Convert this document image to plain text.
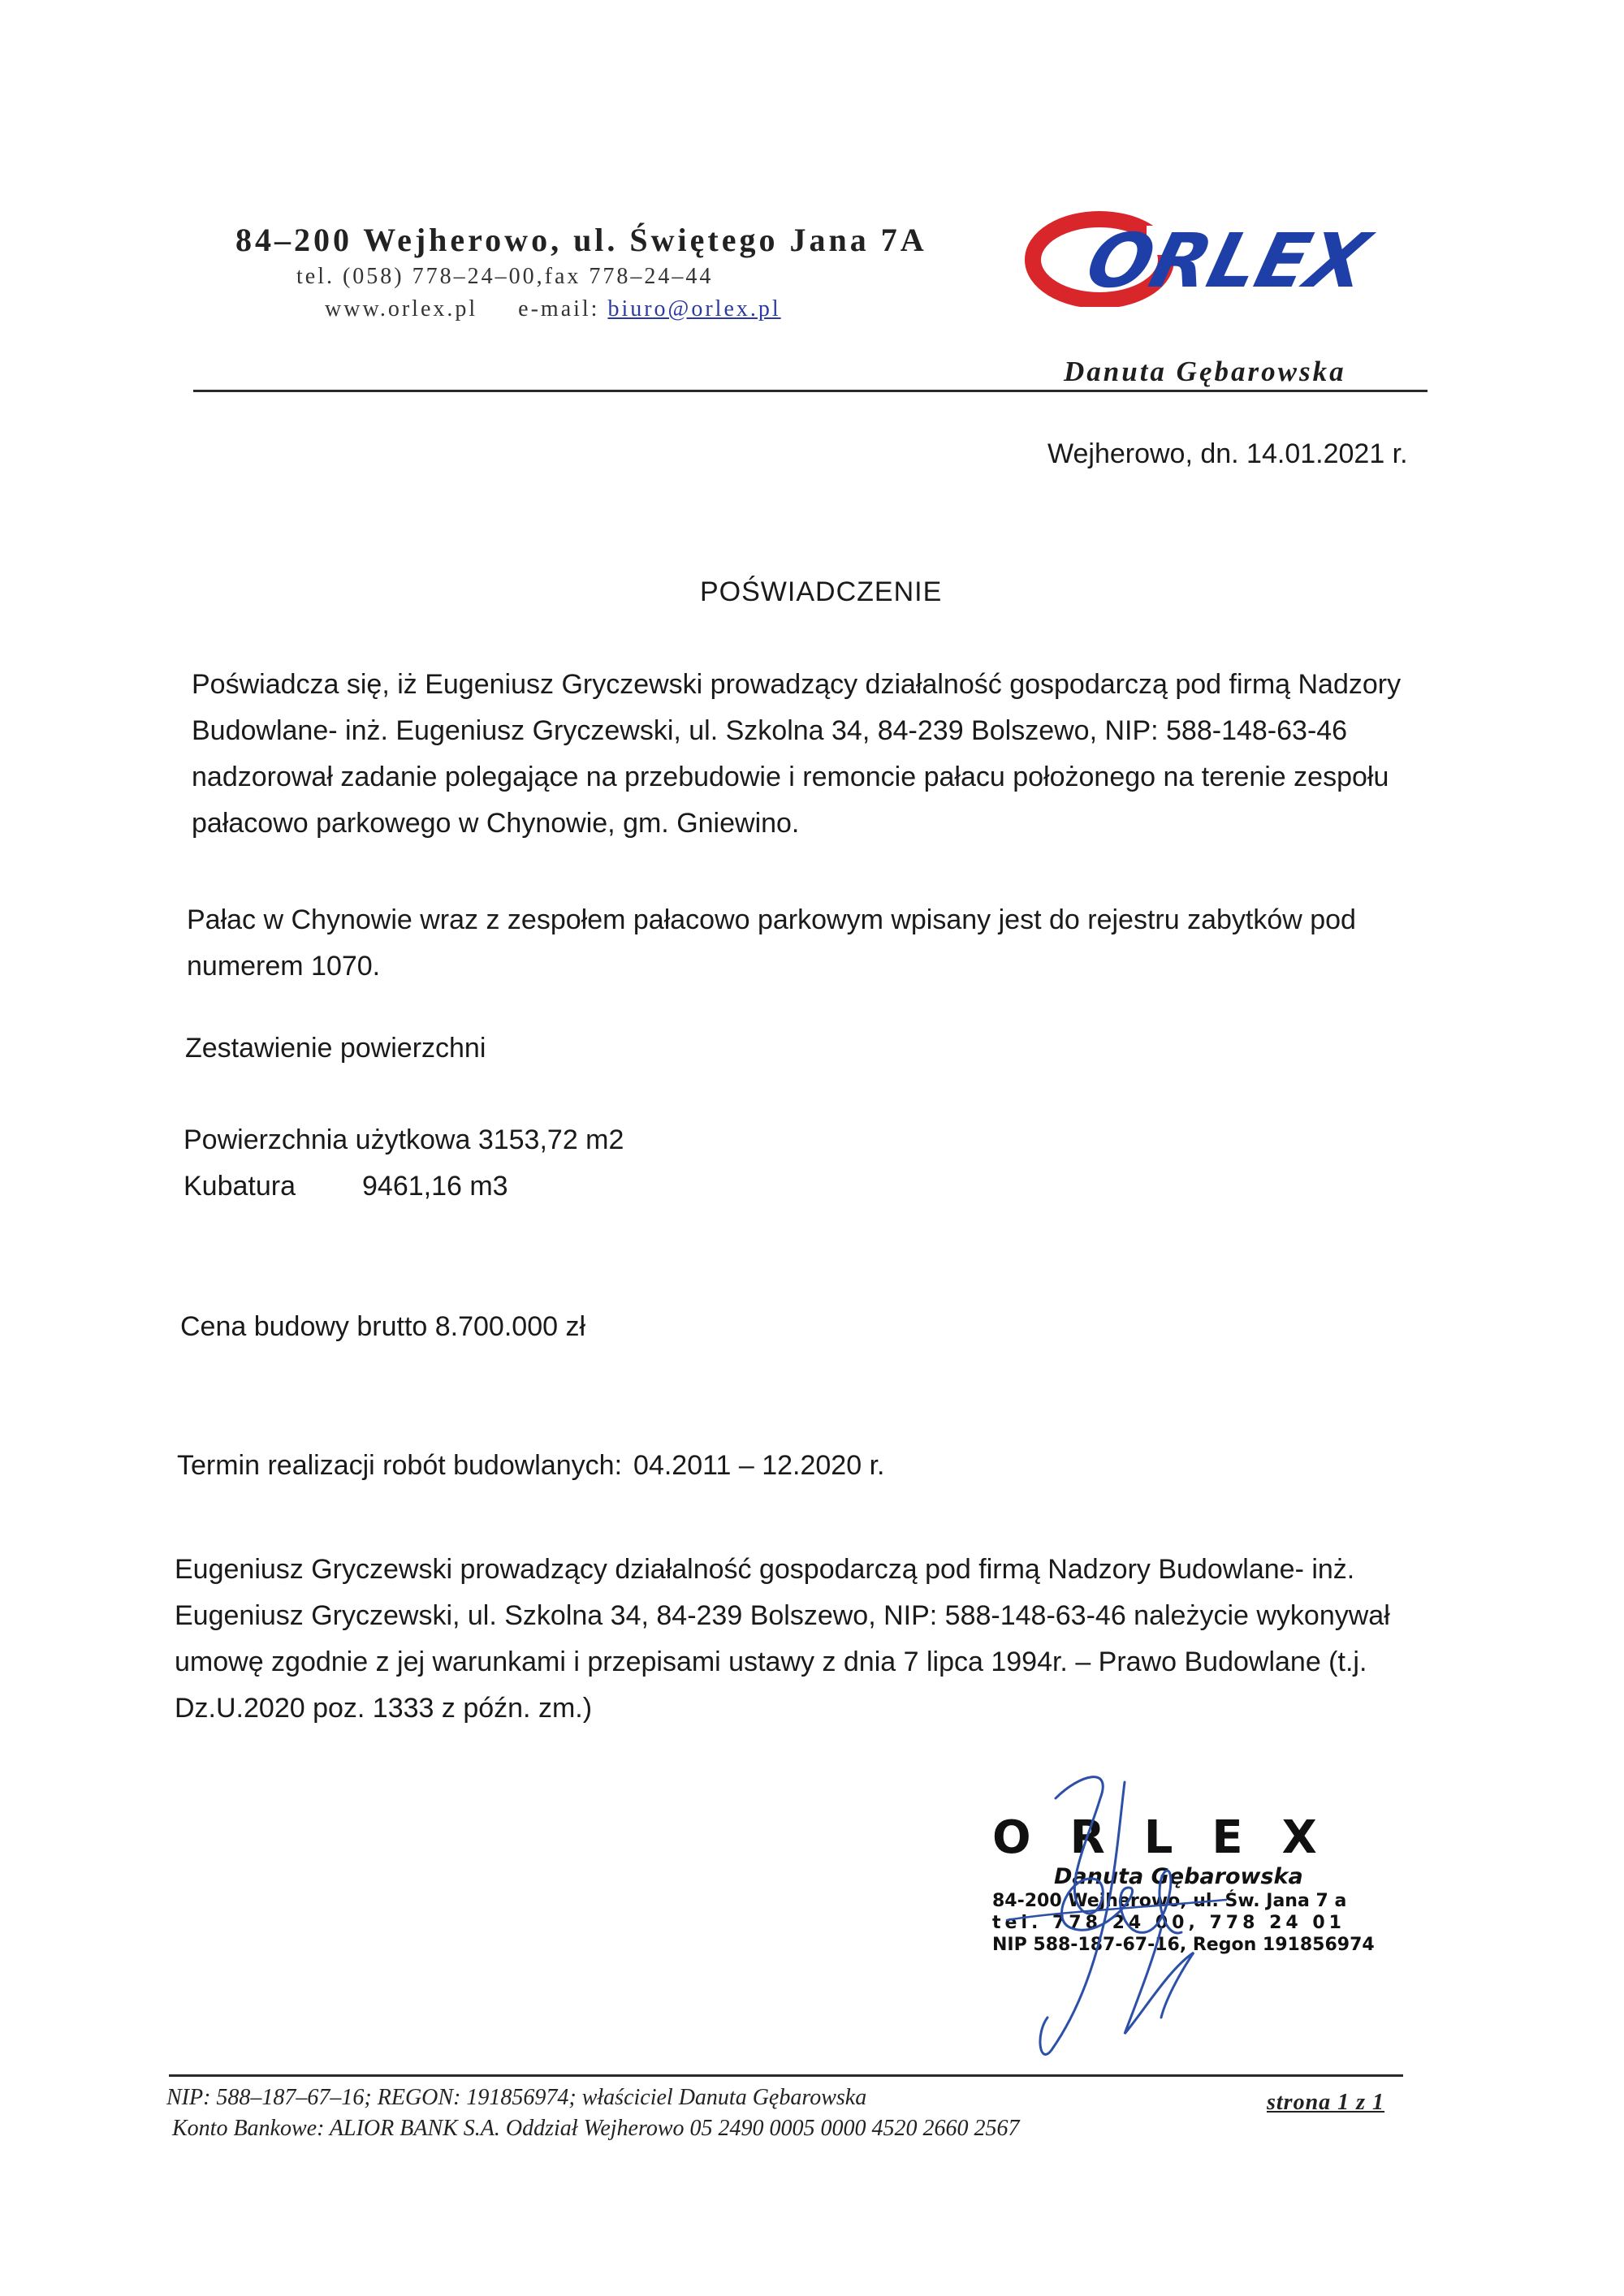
84–200 Wejherowo, ul. Świętego Jana 7A
tel. (058) 778–24–00,fax 778–24–44
www.orlex.pl e-mail: biuro@orlex.pl
ORLEX
Danuta Gębarowska
Wejherowo, dn. 14.01.2021 r.
POŚWIADCZENIE
Poświadcza się, iż Eugeniusz Gryczewski prowadzący działalność gospodarczą pod firmą Nadzory Budowlane- inż. Eugeniusz Gryczewski, ul. Szkolna 34, 84-239 Bolszewo, NIP: 588-148-63-46 nadzorował zadanie polegające na przebudowie i remoncie pałacu położonego na terenie zespołu pałacowo parkowego w Chynowie, gm. Gniewino.
Pałac w Chynowie wraz z zespołem pałacowo parkowym wpisany jest do rejestru zabytków pod numerem 1070.
Zestawienie powierzchni
Powierzchnia użytkowa 3153,72 m2
Kubatura 9461,16 m3
Cena budowy brutto 8.700.000 zł
Termin realizacji robót budowlanych: 04.2011 – 12.2020 r.
Eugeniusz Gryczewski prowadzący działalność gospodarczą pod firmą Nadzory Budowlane- inż. Eugeniusz Gryczewski, ul. Szkolna 34, 84-239 Bolszewo, NIP: 588-148-63-46 należycie wykonywał umowę zgodnie z jej warunkami i przepisami ustawy z dnia 7 lipca 1994r. – Prawo Budowlane (t.j. Dz.U.2020 poz. 1333 z późn. zm.)
ORLEX
Danuta Gębarowska
84-200 Wejherowo, ul. Św. Jana 7 a
tel. 778 24 00, 778 24 01
NIP 588-187-67-16, Regon 191856974
NIP: 588–187–67–16; REGON: 191856974; właściciel Danuta Gębarowska
Konto Bankowe: ALIOR BANK S.A. Oddział Wejherowo 05 2490 0005 0000 4520 2660 2567
strona 1 z 1
